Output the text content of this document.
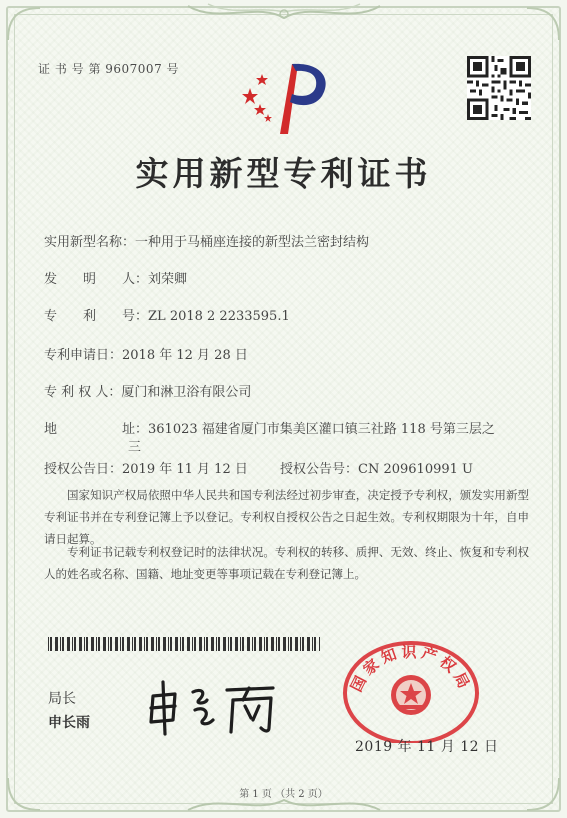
证 书 号 第 9607007 号
实用新型专利证书
实用新型名称：一种用于马桶座连接的新型法兰密封结构
发　　明　　人：刘荣卿
专　　利　　号：ZL 2018 2 2233595.1
专利申请日：2018 年 12 月 28 日
专 利 权 人：厦门和淋卫浴有限公司
地　　　　　址：361023 福建省厦门市集美区灌口镇三社路 118 号第三层之
三
授权公告日：2019 年 11 月 12 日 授权公告号：CN 209610991 U
国家知识产权局依照中华人民共和国专利法经过初步审查，决定授予专利权，颁发实用新型专利证书并在专利登记簿上予以登记。专利权自授权公告之日起生效。专利权期限为十年，自申请日起算。
专利证书记载专利权登记时的法律状况。专利权的转移、质押、无效、终止、恢复和专利权人的姓名或名称、国籍、地址变更等事项记载在专利登记簿上。
局长
申长雨
国家知识产权局
2019 年 11 月 12 日
第 1 页 （共 2 页）
